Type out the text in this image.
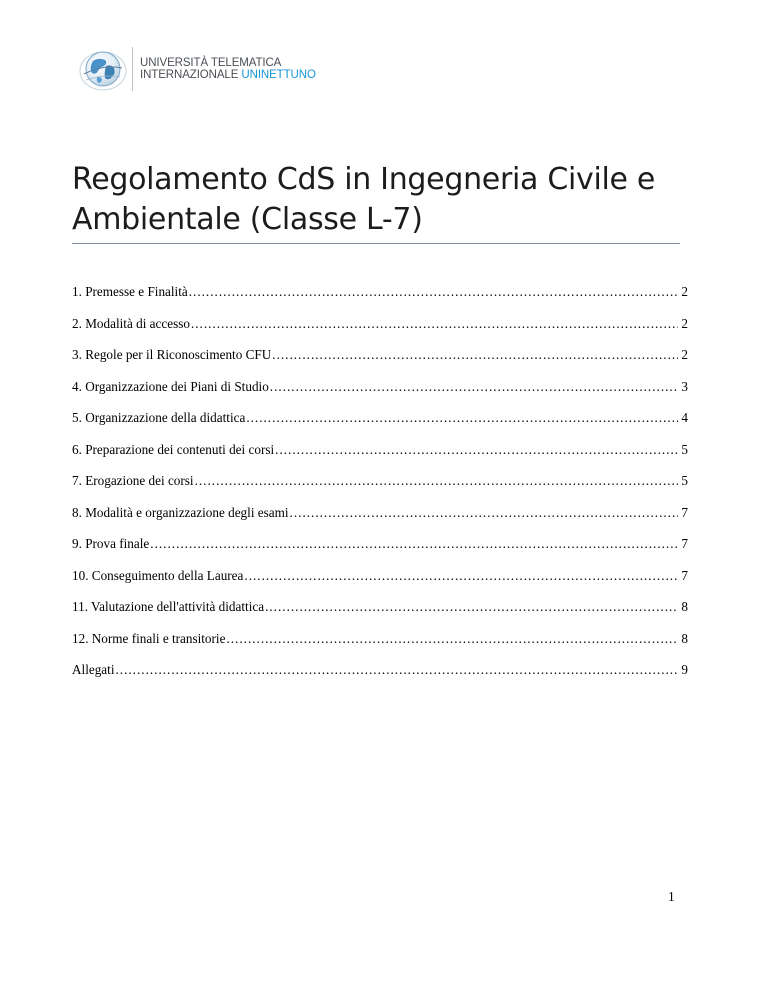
UNIVERSITÀ TELEMATICA
INTERNAZIONALE UNINETTUNO
Regolamento CdS in Ingegneria Civile e
Ambientale (Classe L-7)
1. Premesse e Finalità .....	2
2. Modalità di accesso .....	2
3. Regole per il Riconoscimento CFU .....	2
4. Organizzazione dei Piani di Studio .....	3
5. Organizzazione della didattica .....	4
6. Preparazione dei contenuti dei corsi .....	5
7. Erogazione dei corsi .....	5
8. Modalità e organizzazione degli esami .....	7
9. Prova finale .....	7
10. Conseguimento della Laurea .....	7
11. Valutazione dell'attività didattica .....	8
12. Norme finali e transitorie .....	8
Allegati .....	9
1
